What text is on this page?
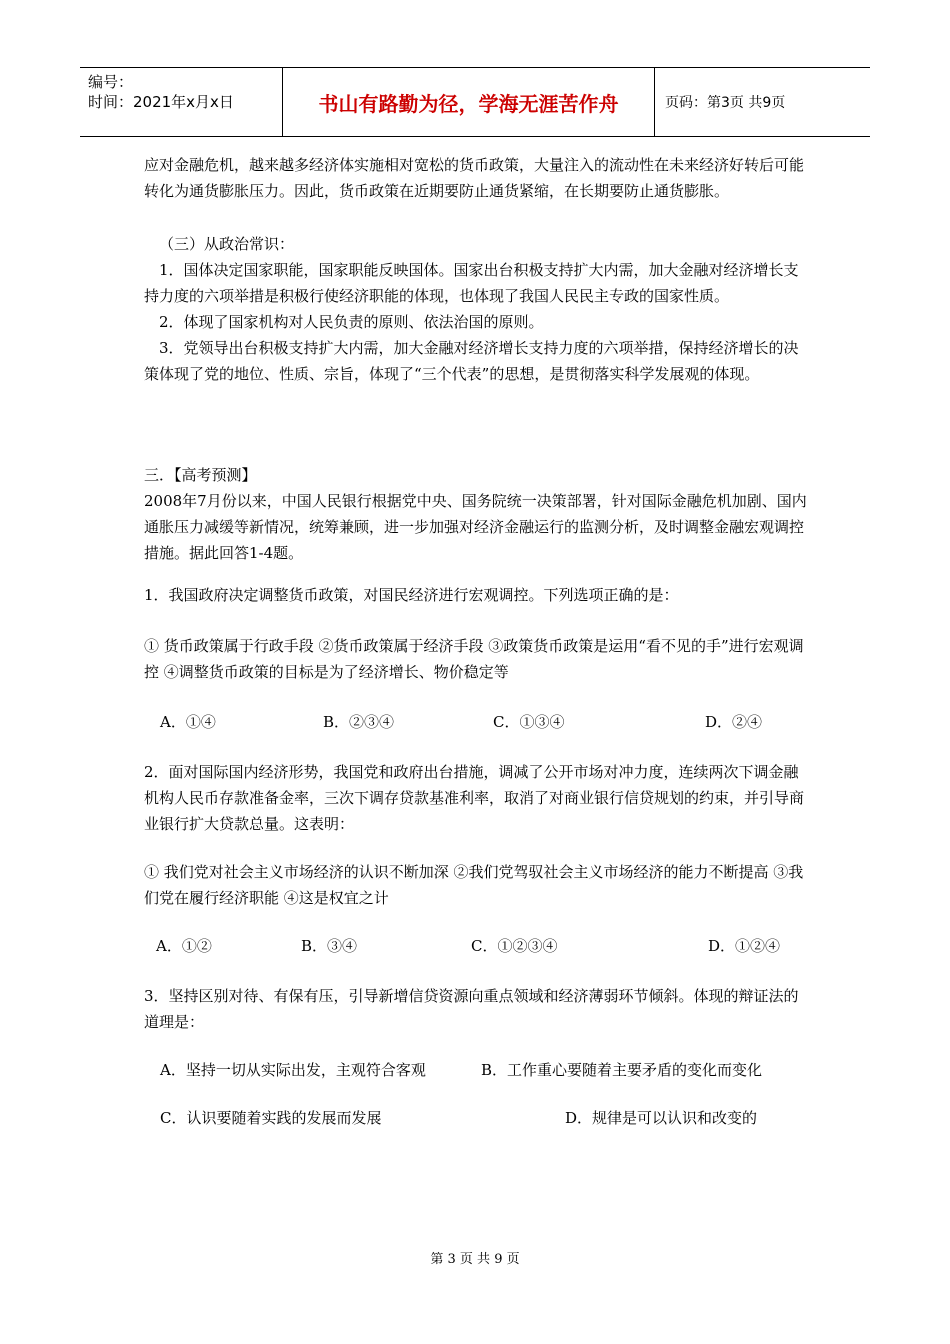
编号：
时间：2021年x月x日	书山有路勤为径，学海无涯苦作舟	页码：第3页 共9页

应对金融危机，越来越多经济体实施相对宽松的货币政策，大量注入的流动性在未来经济好转后可能转化为通货膨胀压力。因此，货币政策在近期要防止通货紧缩，在长期要防止通货膨胀。

（三）从政治常识：

1．国体决定国家职能，国家职能反映国体。国家出台积极支持扩大内需，加大金融对经济增长支持力度的六项举措是积极行使经济职能的体现，也体现了我国人民民主专政的国家性质。

2．体现了国家机构对人民负责的原则、依法治国的原则。

3．党领导出台积极支持扩大内需，加大金融对经济增长支持力度的六项举措，保持经济增长的决策体现了党的地位、性质、宗旨，体现了“三个代表”的思想，是贯彻落实科学发展观的体现。

三．【高考预测】

2008年7月份以来，中国人民银行根据党中央、国务院统一决策部署，针对国际金融危机加剧、国内通胀压力减缓等新情况，统筹兼顾，进一步加强对经济金融运行的监测分析，及时调整金融宏观调控措施。据此回答1-4题。

1．我国政府决定调整货币政策，对国民经济进行宏观调控。下列选项正确的是：

① 货币政策属于行政手段 ②货币政策属于经济手段 ③政策货币政策是运用“看不见的手”进行宏观调控 ④调整货币政策的目标是为了经济增长、物价稳定等

A．①④	B．②③④	C．①③④	D．②④

2．面对国际国内经济形势，我国党和政府出台措施，调减了公开市场对冲力度，连续两次下调金融机构人民币存款准备金率，三次下调存贷款基准利率，取消了对商业银行信贷规划的约束，并引导商业银行扩大贷款总量。这表明：

① 我们党对社会主义市场经济的认识不断加深 ②我们党驾驭社会主义市场经济的能力不断提高 ③我们党在履行经济职能 ④这是权宜之计

A．①②	B．③④	C．①②③④	D．①②④

3．坚持区别对待、有保有压，引导新增信贷资源向重点领域和经济薄弱环节倾斜。体现的辩证法的道理是：

A．坚持一切从实际出发，主观符合客观	B．工作重心要随着主要矛盾的变化而变化
C．认识要随着实践的发展而发展	D．规律是可以认识和改变的
第 3 页 共 9 页
